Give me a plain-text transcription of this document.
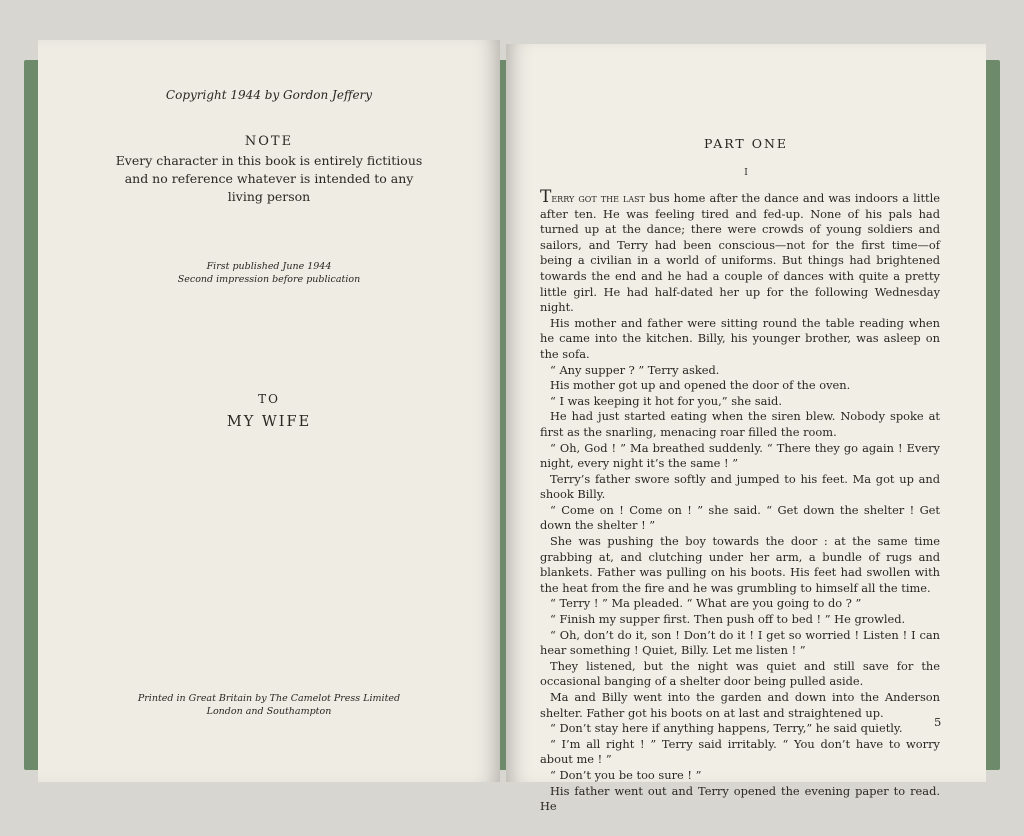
Copyright 1944 by Gordon Jeffery
NOTE
Every character in this book is entirely fictitious and no reference whatever is intended to any living person
First published June 1944
Second impression before publication
TO
MY WIFE
Printed in Great Britain by The Camelot Press Limited
London and Southampton
PART ONE
I

Terry got the last bus home after the dance and was indoors a little after ten. He was feeling tired and fed-up. None of his pals had turned up at the dance; there were crowds of young soldiers and sailors, and Terry had been conscious—not for the first time—of being a civilian in a world of uniforms. But things had brightened towards the end and he had a couple of dances with quite a pretty little girl. He had half-dated her up for the following Wednesday night.

His mother and father were sitting round the table reading when he came into the kitchen. Billy, his younger brother, was asleep on the sofa.

“ Any supper ? ” Terry asked.

His mother got up and opened the door of the oven.

“ I was keeping it hot for you,” she said.

He had just started eating when the siren blew. Nobody spoke at first as the snarling, menacing roar filled the room.

“ Oh, God ! ” Ma breathed suddenly. “ There they go again ! Every night, every night it’s the same ! ”

Terry’s father swore softly and jumped to his feet. Ma got up and shook Billy.

“ Come on ! Come on ! ” she said. “ Get down the shelter ! Get down the shelter ! ”

She was pushing the boy towards the door : at the same time grabbing at, and clutching under her arm, a bundle of rugs and blankets. Father was pulling on his boots. His feet had swollen with the heat from the fire and he was grumbling to himself all the time.

“ Terry ! ” Ma pleaded. “ What are you going to do ? ”

“ Finish my supper first. Then push off to bed ! ” He growled.

“ Oh, don’t do it, son ! Don’t do it ! I get so worried ! Listen ! I can hear something ! Quiet, Billy. Let me listen ! ”

They listened, but the night was quiet and still save for the occasional banging of a shelter door being pulled aside.

Ma and Billy went into the garden and down into the Anderson shelter. Father got his boots on at last and straightened up.

“ Don’t stay here if anything happens, Terry,” he said quietly.

“ I’m all right ! ” Terry said irritably. “ You don’t have to worry about me ! ”

“ Don’t you be too sure ! ”

His father went out and Terry opened the evening paper to read. He

5
